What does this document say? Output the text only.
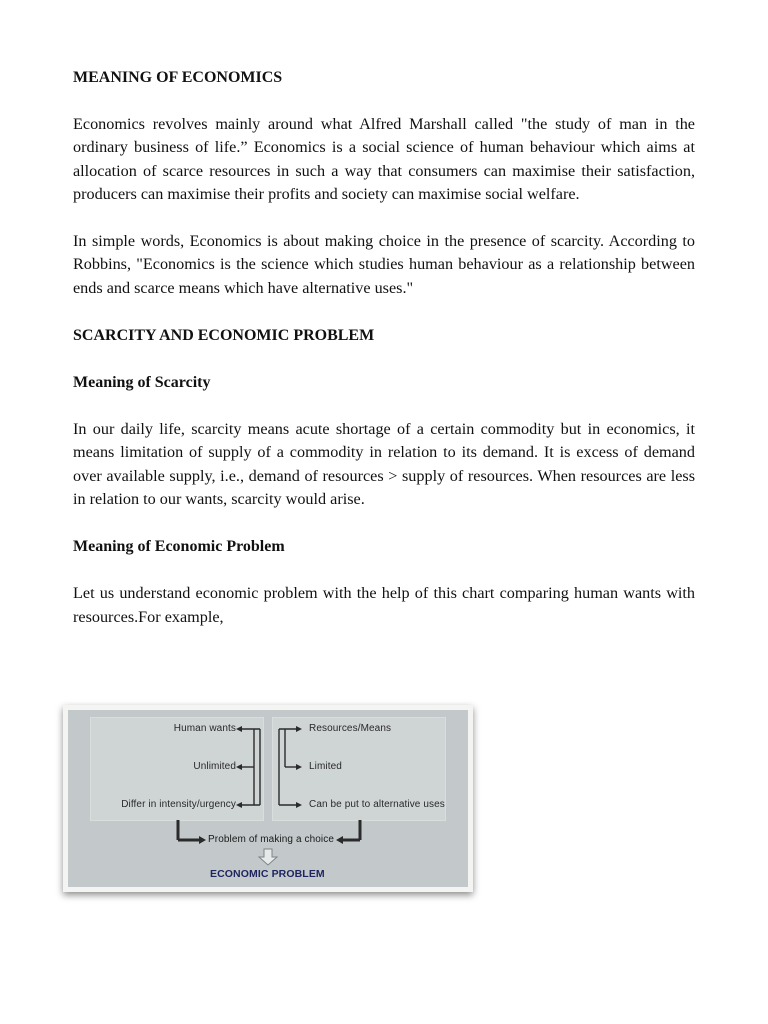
MEANING OF ECONOMICS
Economics revolves mainly around what Alfred Marshall called "the study of man in the ordinary business of life.” Economics is a social science of human behaviour which aims at allocation of scarce resources in such a way that consumers can maximise their satisfaction, producers can maximise their profits and society can maximise social welfare.
In simple words, Economics is about making choice in the presence of scarcity. According to Robbins, "Economics is the science which studies human behaviour as a relationship between ends and scarce means which have alternative uses."
SCARCITY AND ECONOMIC PROBLEM
Meaning of Scarcity
In our daily life, scarcity means acute shortage of a certain commodity but in economics, it means limitation of supply of a commodity in relation to its demand. It is excess of demand over available supply, i.e., demand of resources > supply of resources. When resources are less in relation to our wants, scarcity would arise.
Meaning of Economic Problem
Let us understand economic problem with the help of this chart comparing human wants with resources.For example,
Human wants
Unlimited
Differ in intensity/urgency
Resources/Means
Limited
Can be put to alternative uses
Problem of making a choice
ECONOMIC PROBLEM
